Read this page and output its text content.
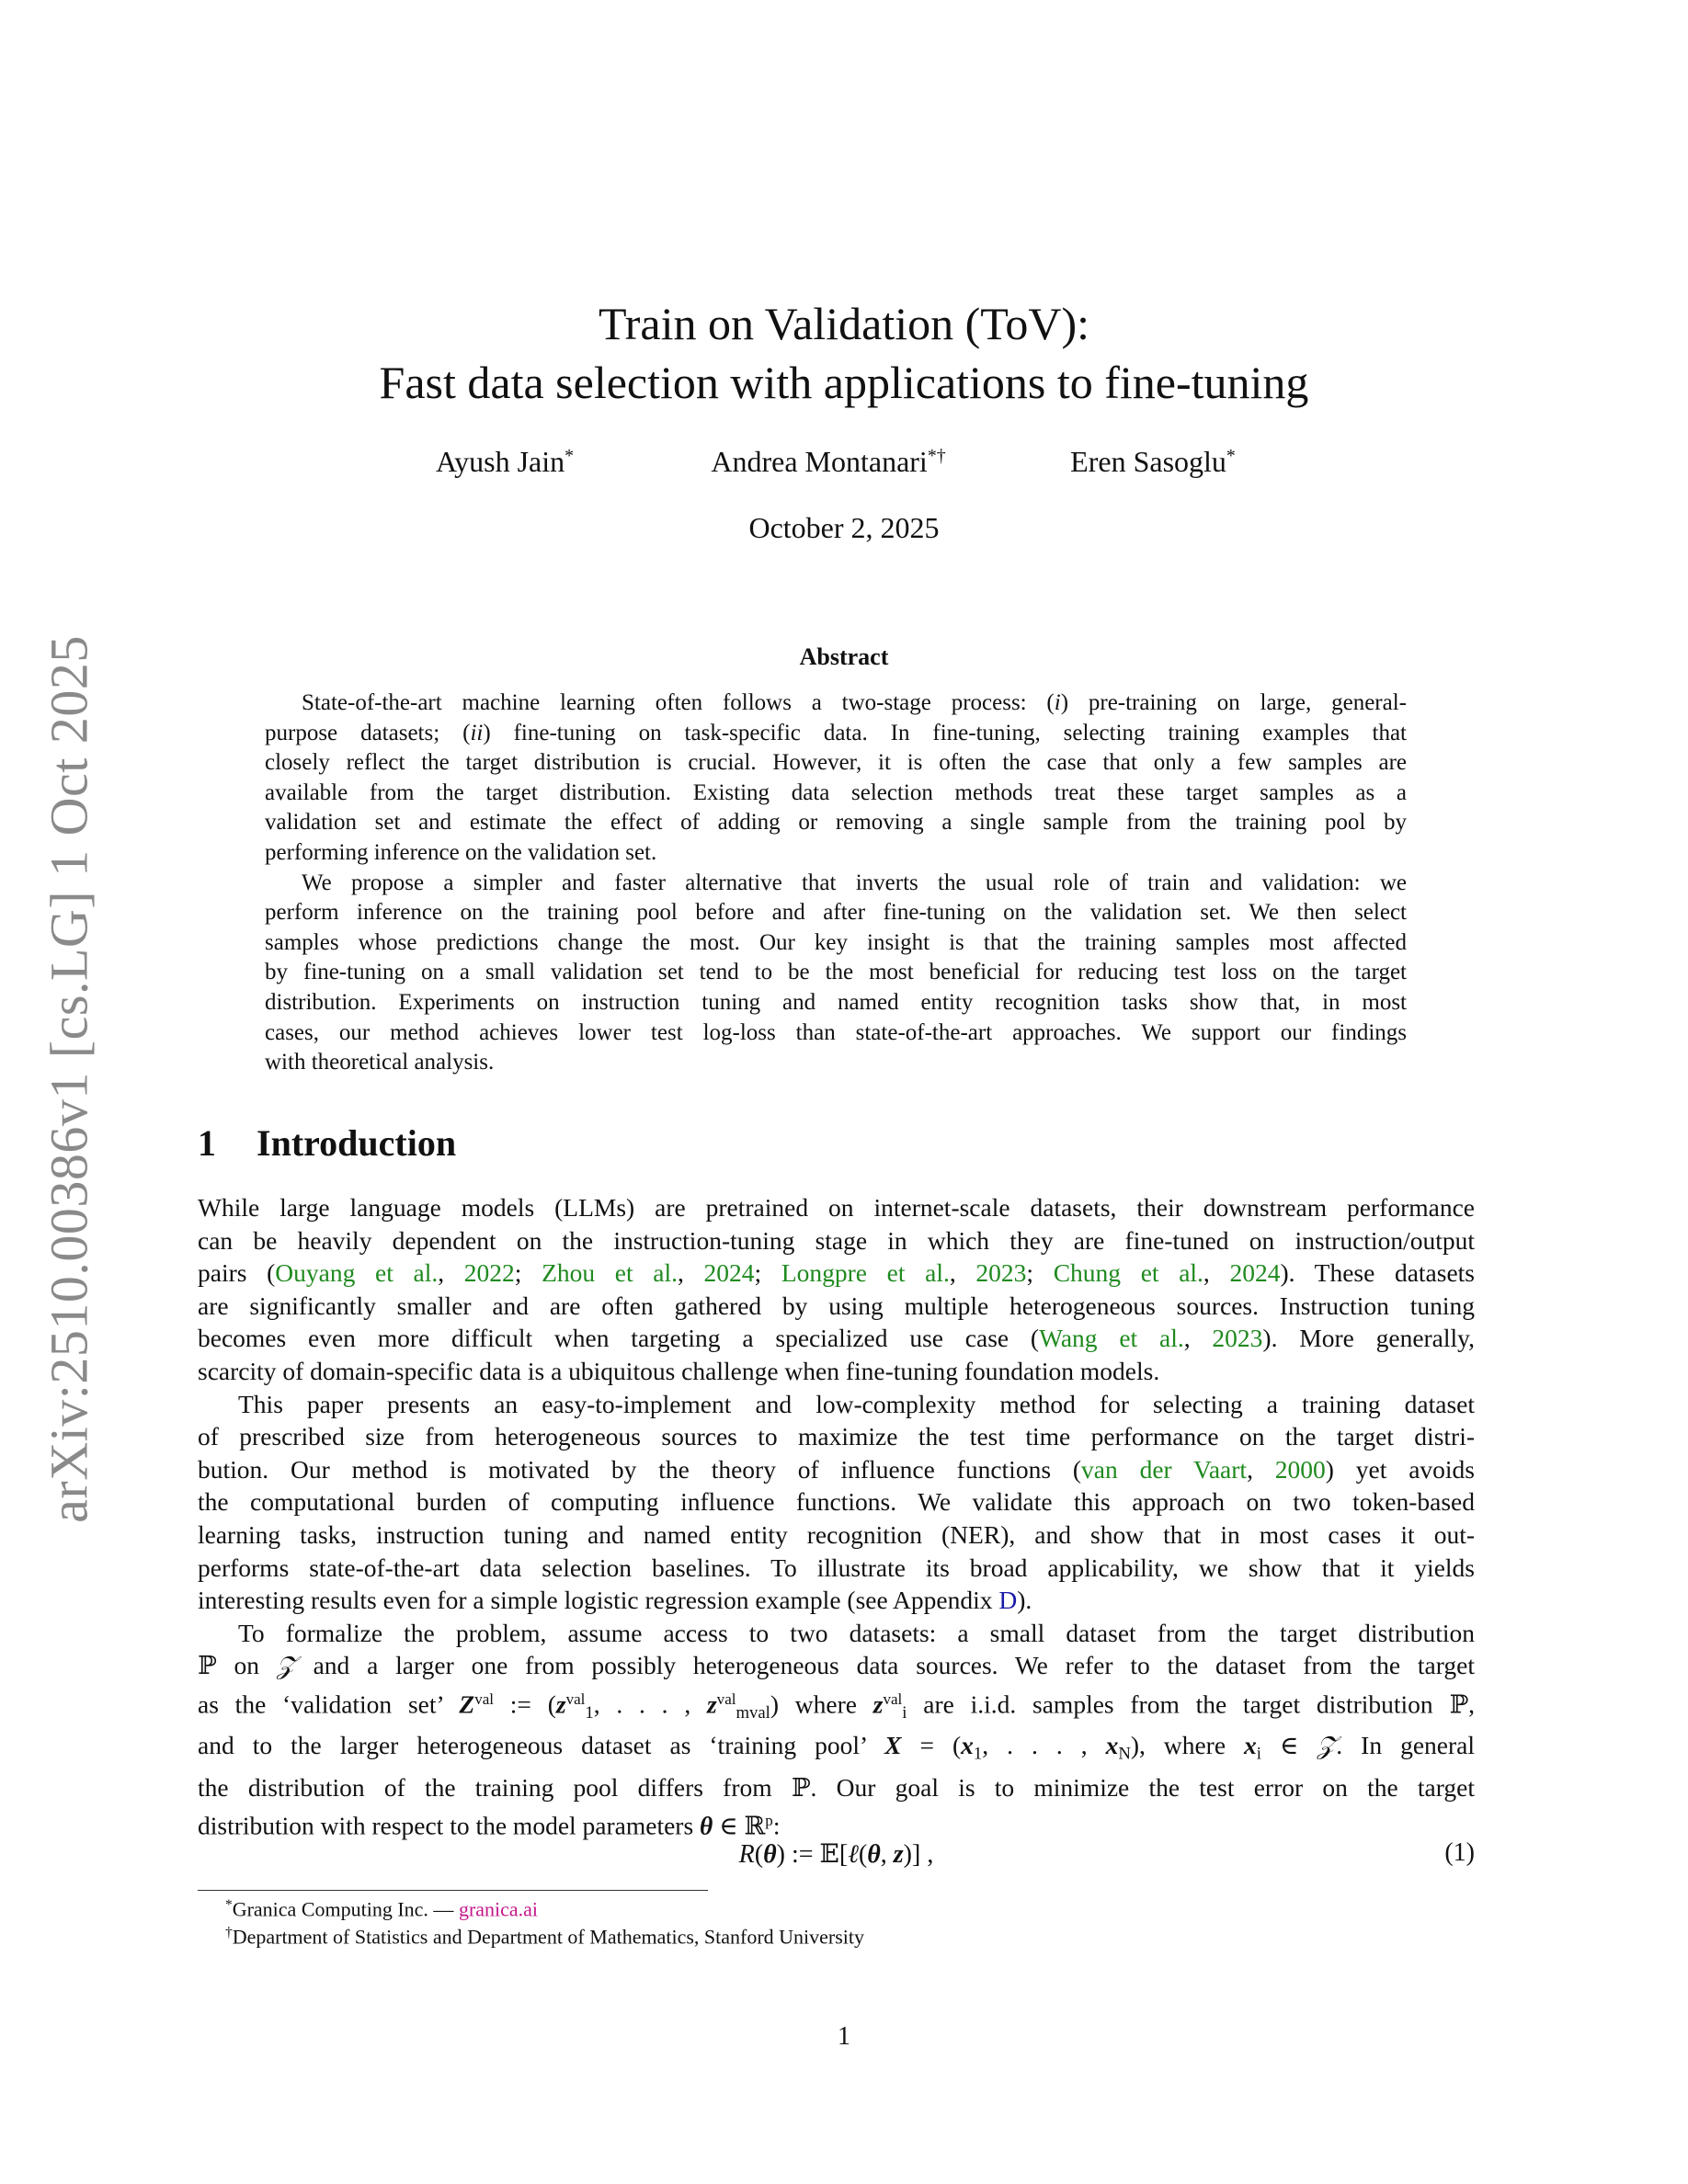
arXiv:2510.00386v1 [cs.LG] 1 Oct 2025
Train on Validation (ToV):
Fast data selection with applications to fine-tuning
Ayush Jain*	Andrea Montanari*†	Eren Sasoglu*
October 2, 2025
Abstract
State-of-the-art machine learning often follows a two-stage process: (i) pre-training on large, general-
purpose datasets; (ii) fine-tuning on task-specific data. In fine-tuning, selecting training examples that
closely reflect the target distribution is crucial. However, it is often the case that only a few samples are
available from the target distribution. Existing data selection methods treat these target samples as a
validation set and estimate the effect of adding or removing a single sample from the training pool by
performing inference on the validation set.
We propose a simpler and faster alternative that inverts the usual role of train and validation: we
perform inference on the training pool before and after fine-tuning on the validation set. We then select
samples whose predictions change the most. Our key insight is that the training samples most affected
by fine-tuning on a small validation set tend to be the most beneficial for reducing test loss on the target
distribution. Experiments on instruction tuning and named entity recognition tasks show that, in most
cases, our method achieves lower test log-loss than state-of-the-art approaches. We support our findings
with theoretical analysis.
1 Introduction
While large language models (LLMs) are pretrained on internet-scale datasets, their downstream performance
can be heavily dependent on the instruction-tuning stage in which they are fine-tuned on instruction/output
pairs (Ouyang et al., 2022; Zhou et al., 2024; Longpre et al., 2023; Chung et al., 2024). These datasets
are significantly smaller and are often gathered by using multiple heterogeneous sources. Instruction tuning
becomes even more difficult when targeting a specialized use case (Wang et al., 2023). More generally,
scarcity of domain-specific data is a ubiquitous challenge when fine-tuning foundation models.
This paper presents an easy-to-implement and low-complexity method for selecting a training dataset
of prescribed size from heterogeneous sources to maximize the test time performance on the target distri-
bution. Our method is motivated by the theory of influence functions (van der Vaart, 2000) yet avoids
the computational burden of computing influence functions. We validate this approach on two token-based
learning tasks, instruction tuning and named entity recognition (NER), and show that in most cases it out-
performs state-of-the-art data selection baselines. To illustrate its broad applicability, we show that it yields
interesting results even for a simple logistic regression example (see Appendix D).
To formalize the problem, assume access to two datasets: a small dataset from the target distribution
ℙ on 𝒵 and a larger one from possibly heterogeneous data sources. We refer to the dataset from the target
as the ‘validation set’ $Z^{val}$ := ($z^{val}_1$, . . . , $z^{val}_{mval}$) where $z^{val}_i$ are i.i.d. samples from the target distribution ℙ,
and to the larger heterogeneous dataset as ‘training pool’ $X = (x_1$, . . . , $x_N$), where $x_i$ ∈ 𝒵. In general
the distribution of the training pool differs from ℙ. Our goal is to minimize the test error on the target
distribution with respect to the model parameters θ ∈ ℝ$^p$:
R(θ) := 𝔼[ℓ(θ, z)] ,	(1)
*Granica Computing Inc. — granica.ai
†Department of Statistics and Department of Mathematics, Stanford University
1
